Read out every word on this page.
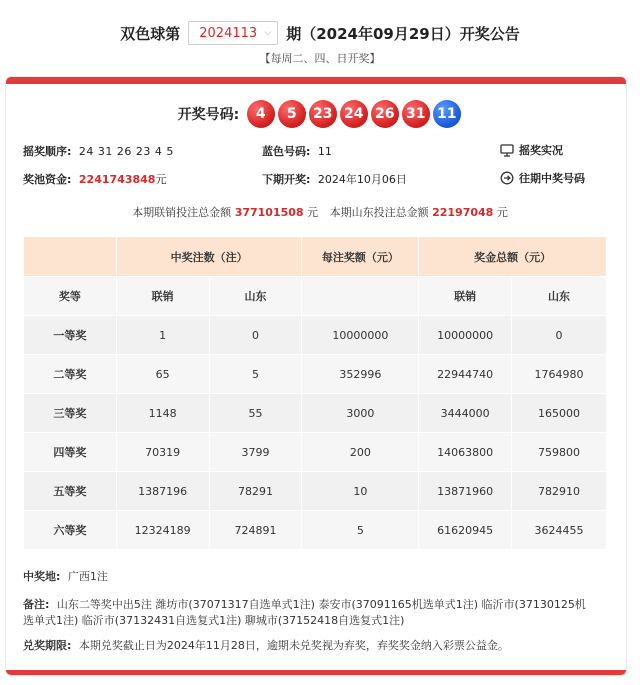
双色球第 2024113 ⌵ 期（2024年09月29日）开奖公告
【每周二、四、日开奖】
开奖号码:	4	5	23 24 26 31 11
摇奖顺序: 24 31 26 23 4 5	蓝色号码: 11	摇奖实况
奖池资金: 2241743848元	下期开奖: 2024年10月06日	往期中奖号码
本期联销投注总金额 377101508 元 本期山东投注总金额 22197048 元
	中奖注数（注）		每注奖额（元）	奖金总额（元）	
奖等	联销	山东		联销	山东
一等奖	1	0	10000000	10000000	0
二等奖	65	5	352996	22944740	1764980
三等奖	1148	55	3000	3444000	165000
四等奖	70319	3799	200	14063800	759800
五等奖	1387196	78291	10	13871960	782910
六等奖	12324189	724891	5	61620945	3624455
中奖地: 广西1注
备注: 山东二等奖中出5注 潍坊市(37071317自选单式1注) 泰安市(37091165机选单式1注) 临沂市(37130125机
选单式1注) 临沂市(37132431自选复式1注) 聊城市(37152418自选复式1注)
兑奖期限: 本期兑奖截止日为2024年11月28日，逾期未兑奖视为弃奖，弃奖奖金纳入彩票公益金。
